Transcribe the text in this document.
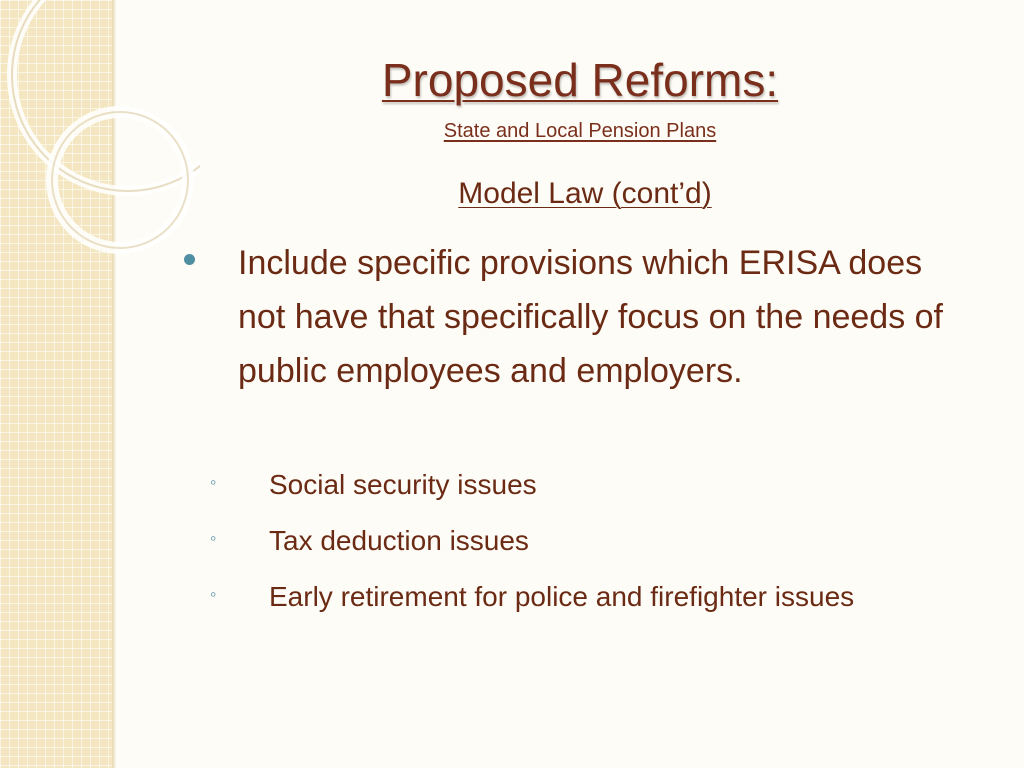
Proposed Reforms:
State and Local Pension Plans
Model Law (cont’d)
Include specific provisions which ERISA does not have that specifically focus on the needs of public employees and employers.
◦ Social security issues
◦ Tax deduction issues
◦ Early retirement for police and firefighter issues
